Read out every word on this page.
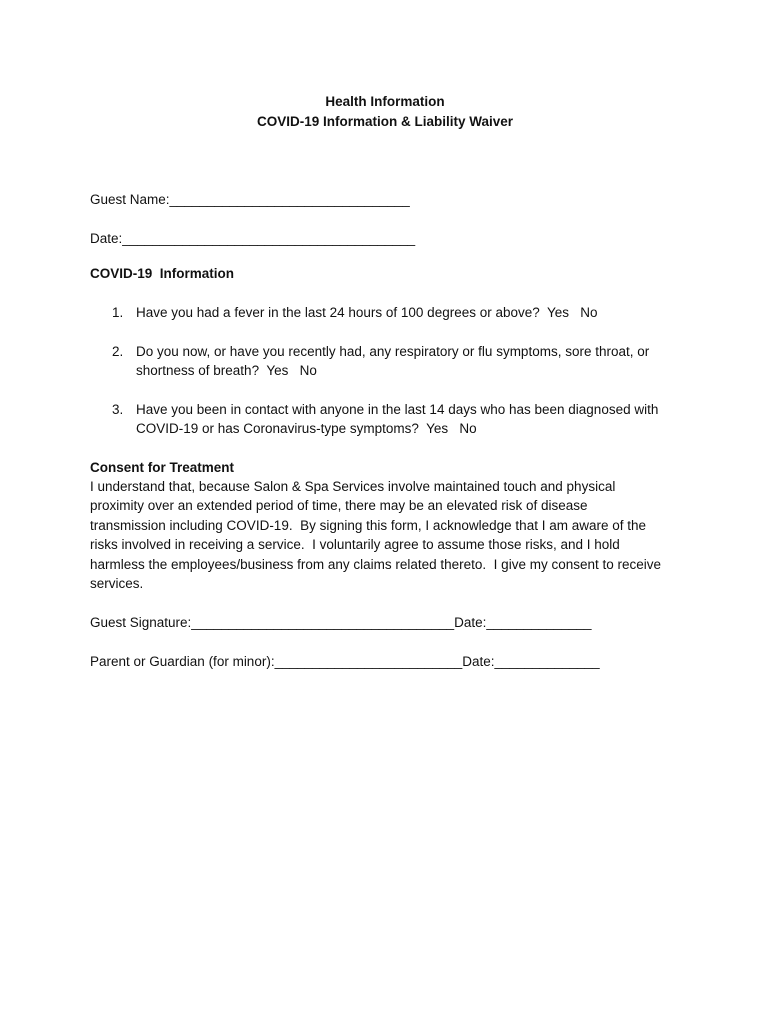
Health Information
COVID-19 Information & Liability Waiver
Guest Name:________________________________
Date:_______________________________________
COVID-19  Information
1. Have you had a fever in the last 24 hours of 100 degrees or above?  Yes   No
2. Do you now, or have you recently had, any respiratory or flu symptoms, sore throat, or
shortness of breath?  Yes   No
3. Have you been in contact with anyone in the last 14 days who has been diagnosed with
COVID-19 or has Coronavirus-type symptoms?  Yes   No
Consent for Treatment
I understand that, because Salon & Spa Services involve maintained touch and physical
proximity over an extended period of time, there may be an elevated risk of disease
transmission including COVID-19.  By signing this form, I acknowledge that I am aware of the
risks involved in receiving a service.  I voluntarily agree to assume those risks, and I hold
harmless the employees/business from any claims related thereto.  I give my consent to receive
services.
Guest Signature:___________________________________Date:______________
Parent or Guardian (for minor):_________________________Date:______________
